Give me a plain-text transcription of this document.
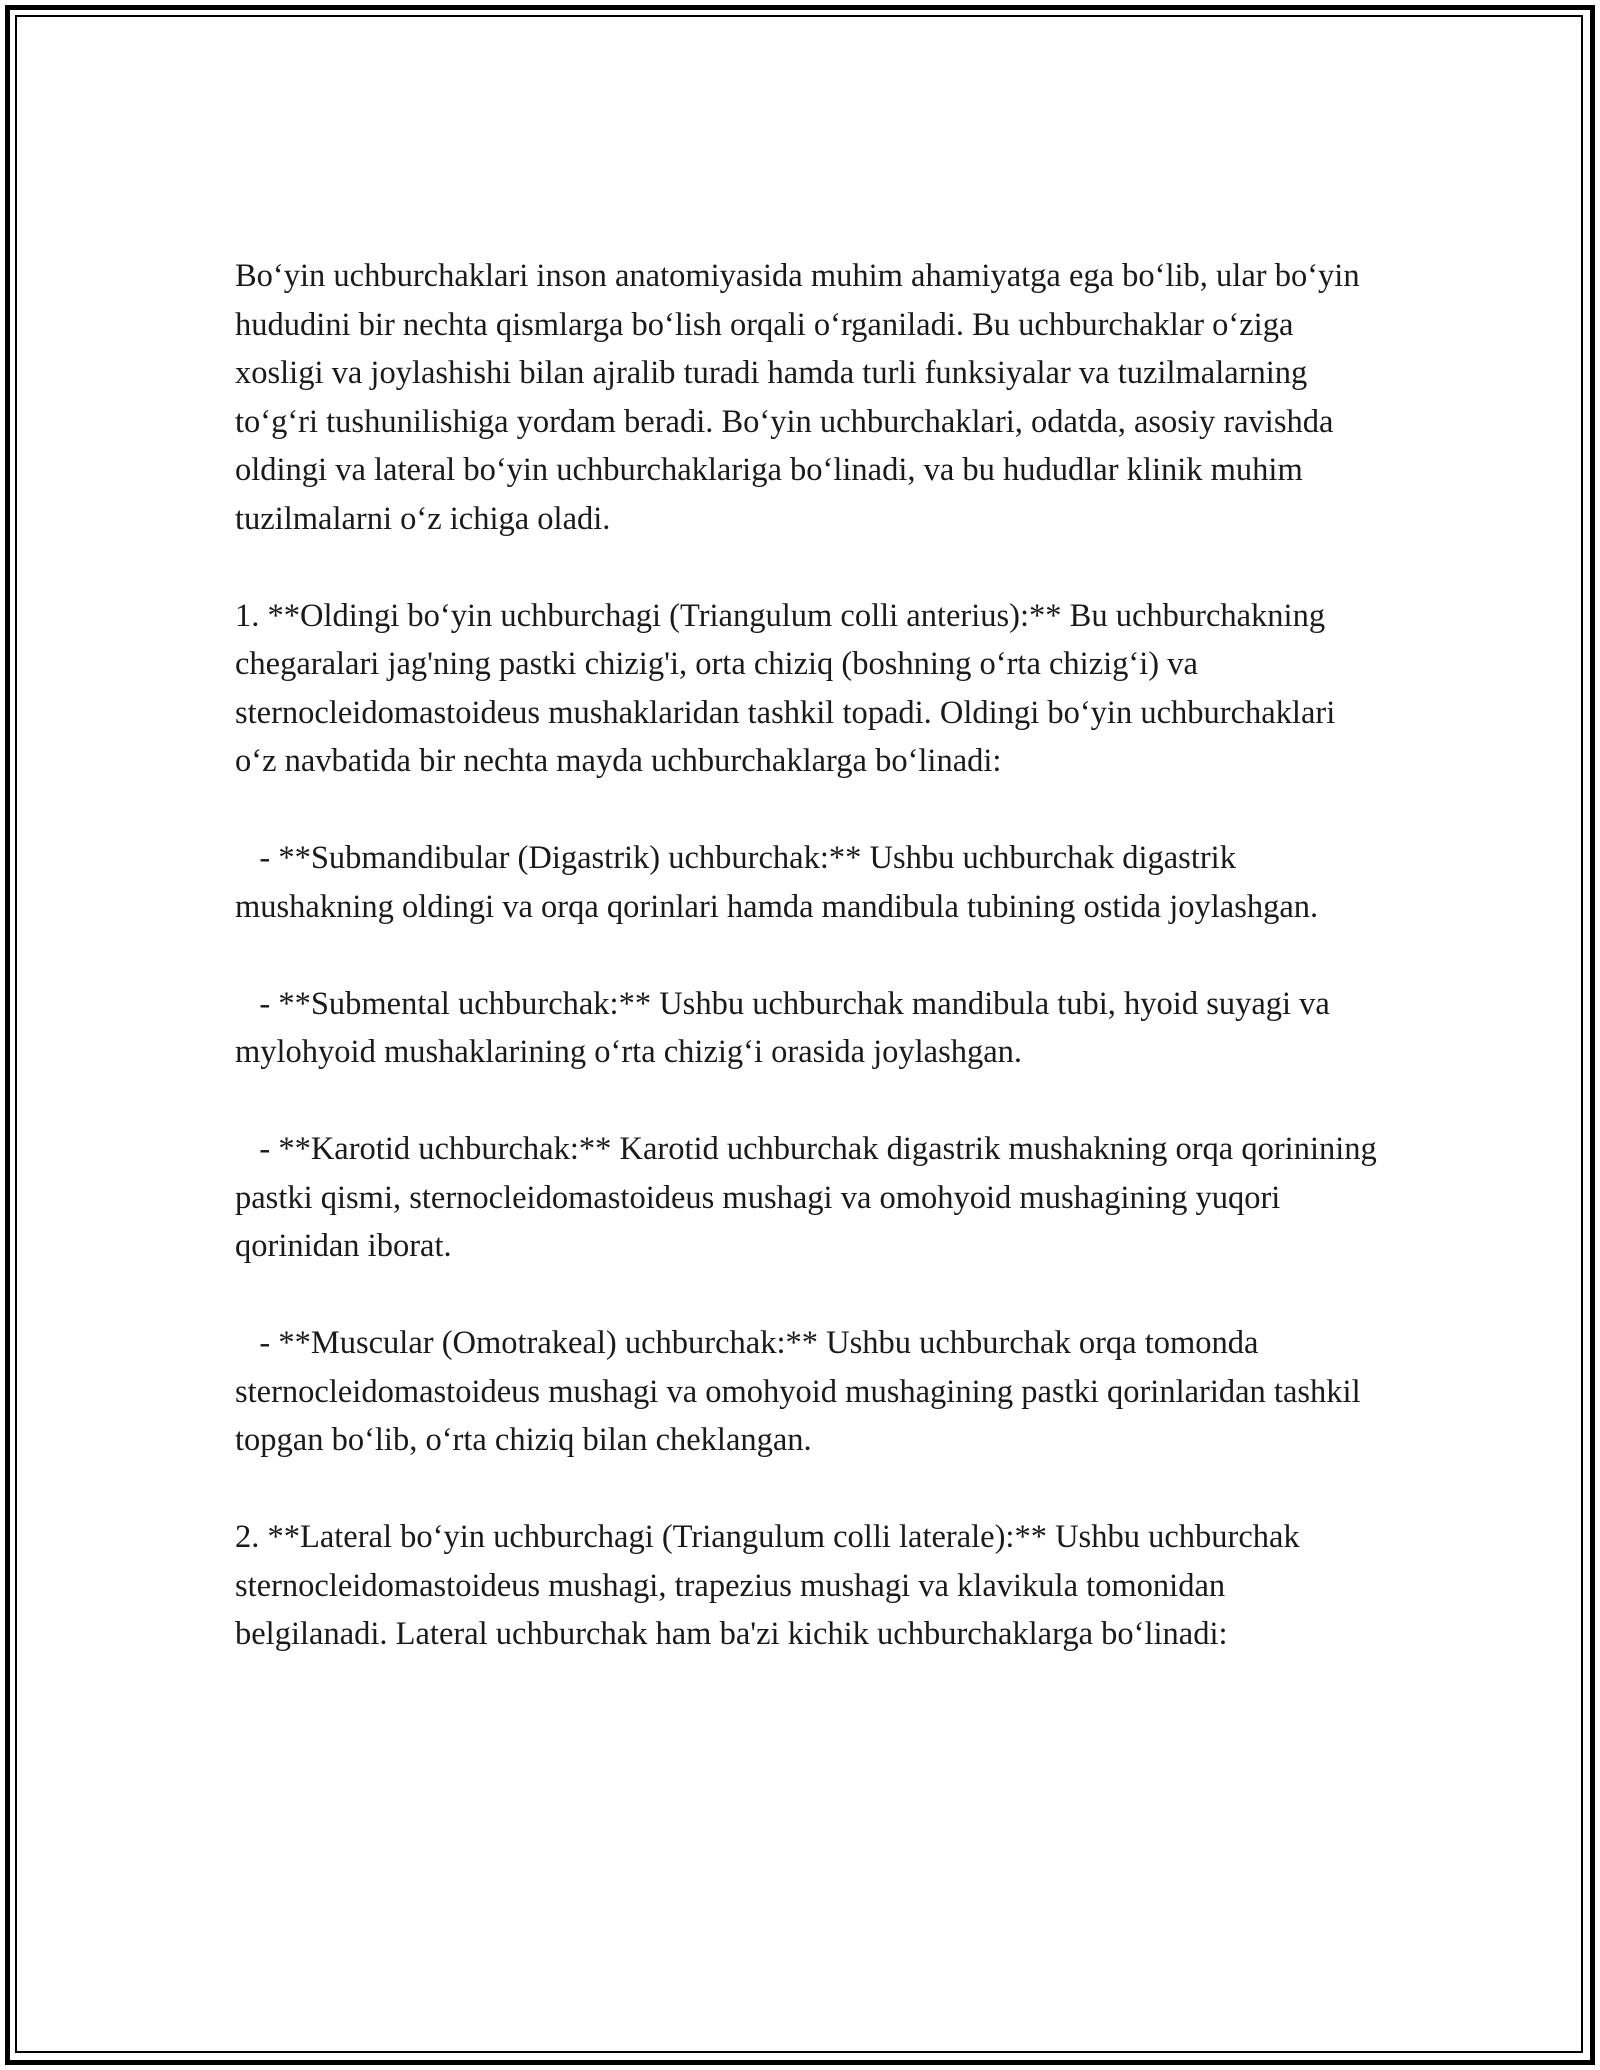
Bo‘yin uchburchaklari inson anatomiyasida muhim ahamiyatga ega bo‘lib, ular bo‘yin hududini bir nechta qismlarga bo‘lish orqali o‘rganiladi. Bu uchburchaklar o‘ziga xosligi va joylashishi bilan ajralib turadi hamda turli funksiyalar va tuzilmalarning to‘g‘ri tushunilishiga yordam beradi. Bo‘yin uchburchaklari, odatda, asosiy ravishda oldingi va lateral bo‘yin uchburchaklariga bo‘linadi, va bu hududlar klinik muhim tuzilmalarni o‘z ichiga oladi.

1. **Oldingi bo‘yin uchburchagi (Triangulum colli anterius):** Bu uchburchakning chegaralari jag'ning pastki chizig'i, orta chiziq (boshning o‘rta chizig‘i) va sternocleidomastoideus mushaklaridan tashkil topadi. Oldingi bo‘yin uchburchaklari o‘z navbatida bir nechta mayda uchburchaklarga bo‘linadi:

- **Submandibular (Digastrik) uchburchak:** Ushbu uchburchak digastrik mushakning oldingi va orqa qorinlari hamda mandibula tubining ostida joylashgan.

- **Submental uchburchak:** Ushbu uchburchak mandibula tubi, hyoid suyagi va mylohyoid mushaklarining o‘rta chizig‘i orasida joylashgan.

- **Karotid uchburchak:** Karotid uchburchak digastrik mushakning orqa qorinining pastki qismi, sternocleidomastoideus mushagi va omohyoid mushagining yuqori qorinidan iborat.

- **Muscular (Omotrakeal) uchburchak:** Ushbu uchburchak orqa tomonda sternocleidomastoideus mushagi va omohyoid mushagining pastki qorinlaridan tashkil topgan bo‘lib, o‘rta chiziq bilan cheklangan.

2. **Lateral bo‘yin uchburchagi (Triangulum colli laterale):** Ushbu uchburchak sternocleidomastoideus mushagi, trapezius mushagi va klavikula tomonidan belgilanadi. Lateral uchburchak ham ba'zi kichik uchburchaklarga bo‘linadi:
